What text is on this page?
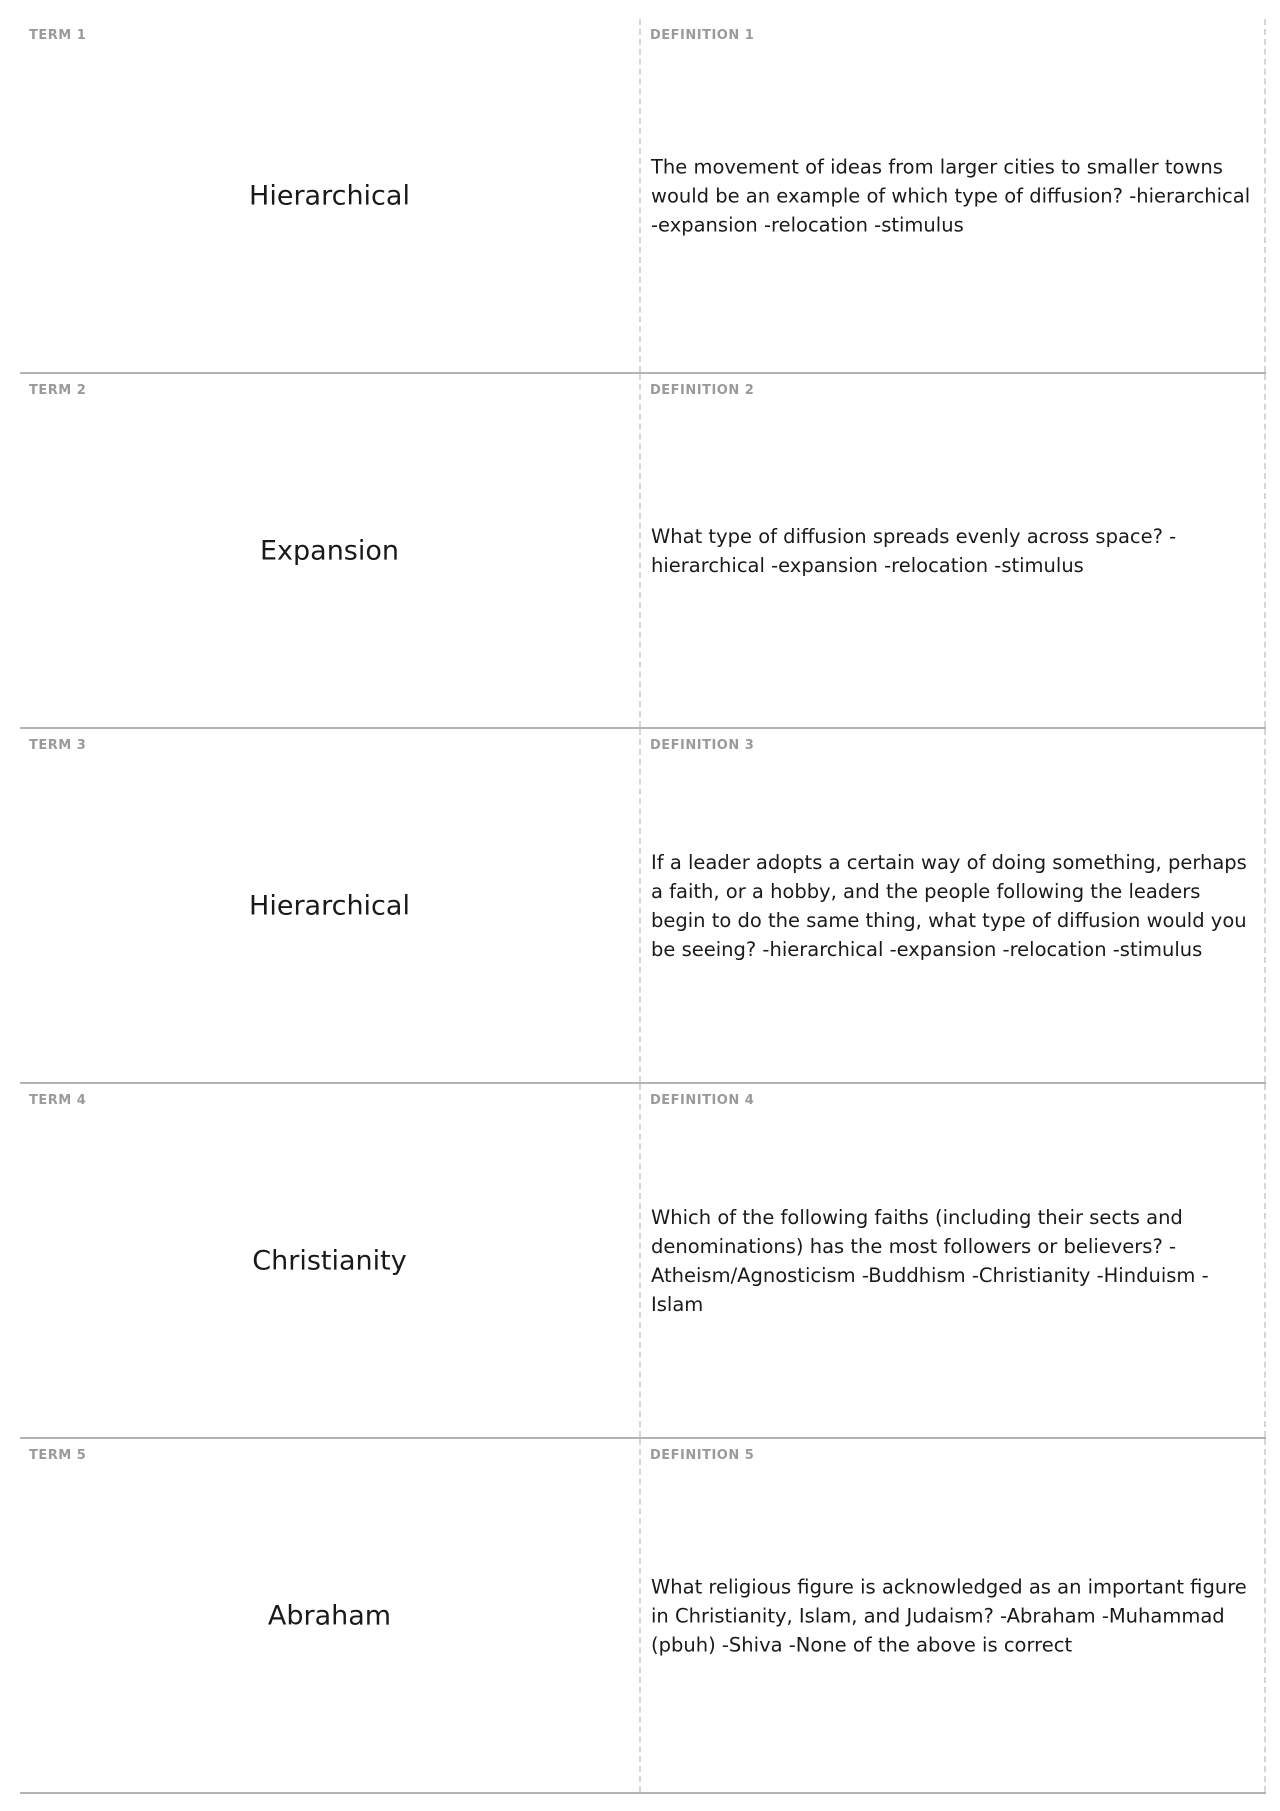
TERM 1
Hierarchical
DEFINITION 1
The movement of ideas from larger cities to smaller towns would be an example of which type of diffusion? -hierarchical -expansion -relocation -stimulus
TERM 2
Expansion
DEFINITION 2
What type of diffusion spreads evenly across space? -hierarchical -expansion -relocation -stimulus
TERM 3
Hierarchical
DEFINITION 3
If a leader adopts a certain way of doing something, perhaps a faith, or a hobby, and the people following the leaders begin to do the same thing, what type of diffusion would you be seeing? -hierarchical -expansion -relocation -stimulus
TERM 4
Christianity
DEFINITION 4
Which of the following faiths (including their sects and denominations) has the most followers or believers? -Atheism/Agnosticism -Buddhism -Christianity -Hinduism -Islam
TERM 5
Abraham
DEFINITION 5
What religious figure is acknowledged as an important figure in Christianity, Islam, and Judaism? -Abraham -Muhammad (pbuh) -Shiva -None of the above is correct
